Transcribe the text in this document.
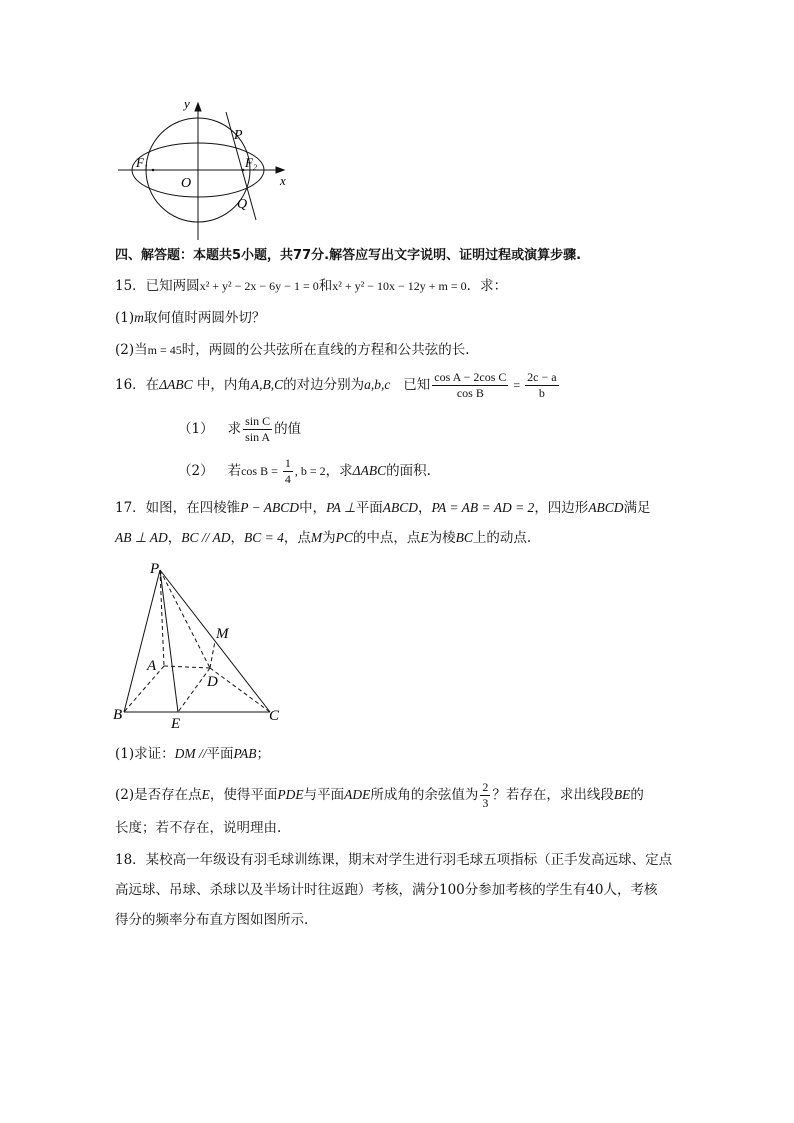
y
x
P
Q
O
F 1	F 2
四、解答题：本题共5小题，共77分.解答应写出文字说明、证明过程或演算步骤.
15．已知两圆x² + y² − 2x − 6y − 1 = 0和x² + y² − 10x − 12y + m = 0．求：
(1)m取何值时两圆外切？
(2)当m = 45时，两圆的公共弦所在直线的方程和公共弦的长.
16．在ΔABC 中，内角A,B,C的对边分别为a,b,c   已知 $\frac{\text{cos A − 2cos C}}{\text{cos B}} = \frac{2c - a}{b}$
（1） 求 $\frac{\text{sin C}}{\text{sin A}}$ 的值
（2） 若$\cos B = \frac{1}{4}$ , b = 2，求ΔABC的面积.
17．如图，在四棱锥P − ABCD中，PA ⊥平面ABCD，PA = AB = AD = 2，四边形ABCD满足
AB ⊥ AD，BC // AD，BC = 4，点M为PC的中点，点E为棱BC上的动点.
P
M
A
D
B
E	C
(1)求证：DM //平面PAB；
(2)是否存在点E，使得平面PDE与平面ADE所成角的余弦值为 $\frac{2}{3}$ ？若存在，求出线段BE的
长度；若不存在，说明理由.
18．某校高一年级设有羽毛球训练课，期末对学生进行羽毛球五项指标（正手发高远球、定点
高远球、吊球、杀球以及半场计时往返跑）考核，满分100分参加考核的学生有40人，考核
得分的频率分布直方图如图所示.
